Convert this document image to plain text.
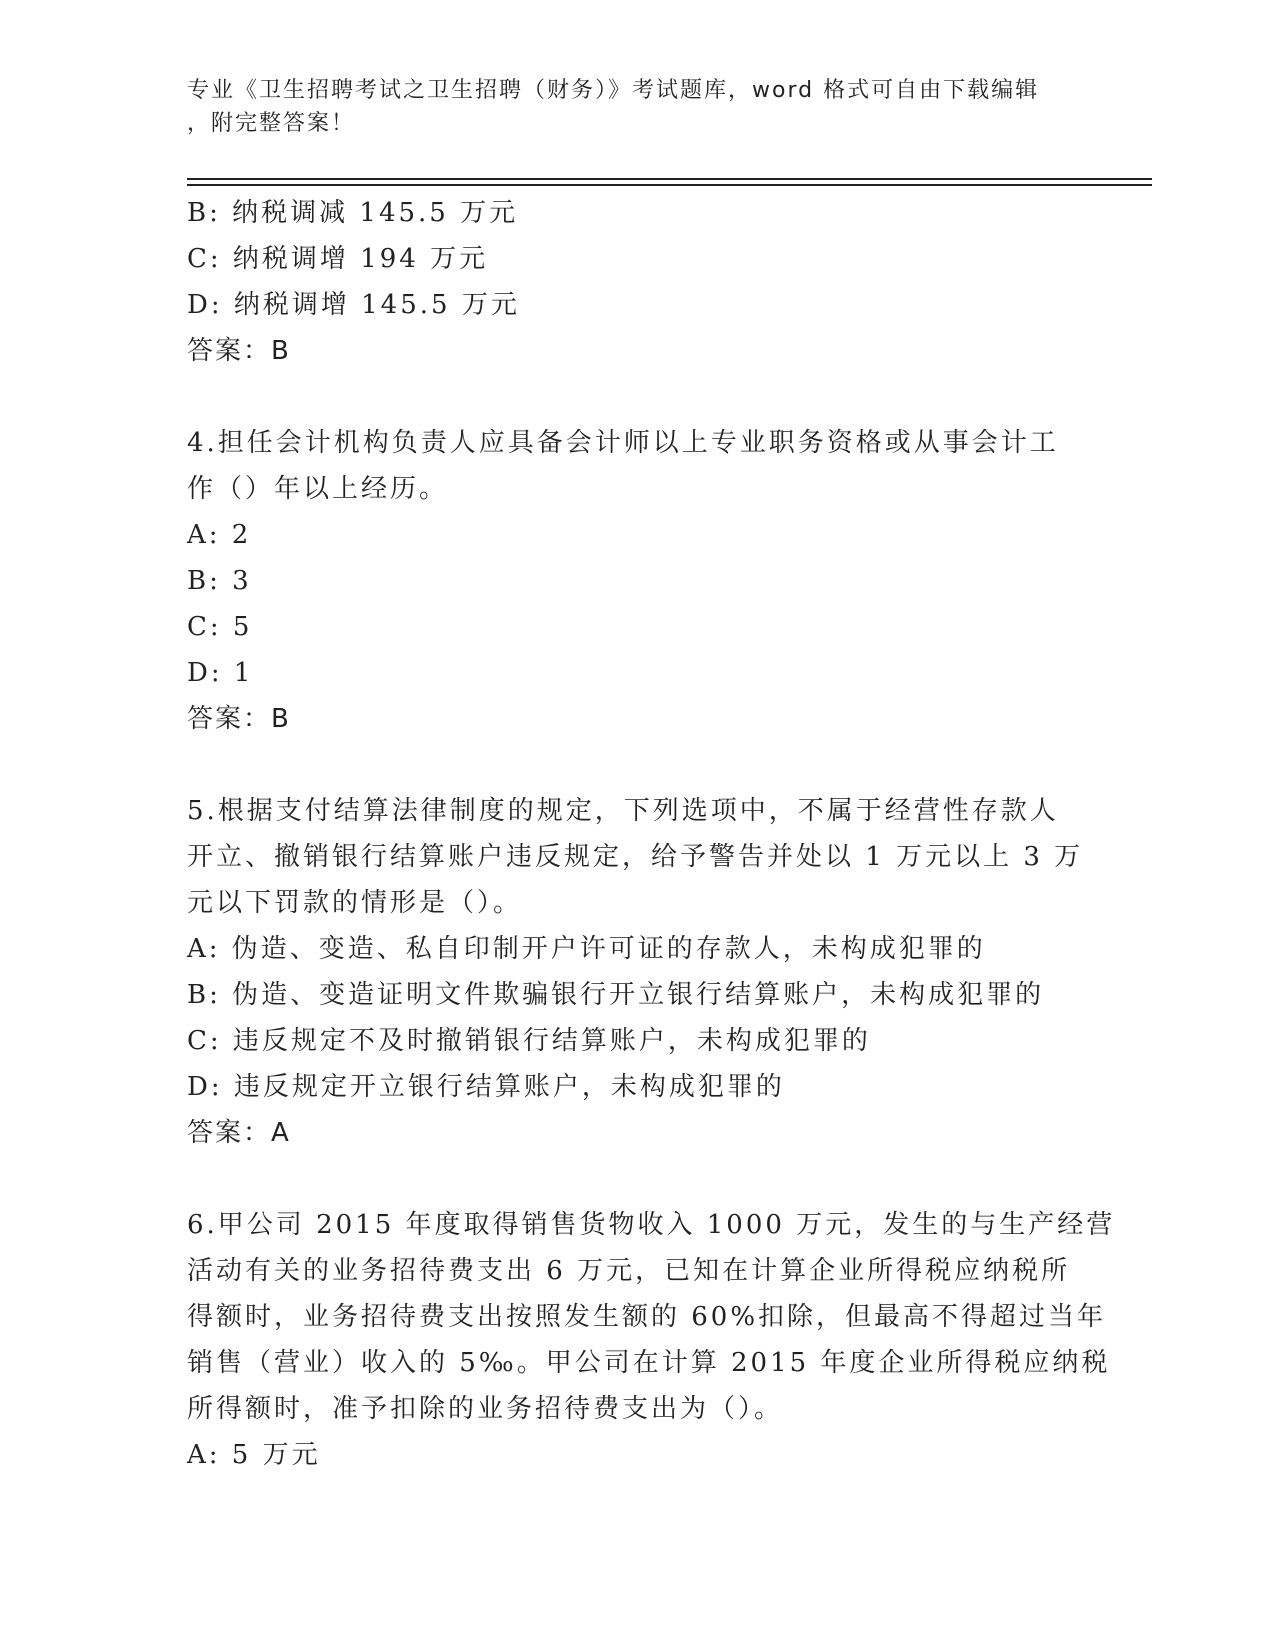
专业《卫生招聘考试之卫生招聘（财务）》考试题库，word 格式可自由下载编辑
，附完整答案！
B: 纳税调减 145.5 万元
C: 纳税调增 194 万元
D: 纳税调增 145.5 万元
答案：B
4.担任会计机构负责人应具备会计师以上专业职务资格或从事会计工
作（）年以上经历。
A: 2
B: 3
C: 5
D: 1
答案：B
5.根据支付结算法律制度的规定，下列选项中，不属于经营性存款人
开立、撤销银行结算账户违反规定，给予警告并处以 1 万元以上 3 万
元以下罚款的情形是（）。
A: 伪造、变造、私自印制开户许可证的存款人，未构成犯罪的
B: 伪造、变造证明文件欺骗银行开立银行结算账户，未构成犯罪的
C: 违反规定不及时撤销银行结算账户，未构成犯罪的
D: 违反规定开立银行结算账户，未构成犯罪的
答案：A
6.甲公司 2015 年度取得销售货物收入 1000 万元，发生的与生产经营
活动有关的业务招待费支出 6 万元，已知在计算企业所得税应纳税所
得额时，业务招待费支出按照发生额的 60%扣除，但最高不得超过当年
销售（营业）收入的 5‰。甲公司在计算 2015 年度企业所得税应纳税
所得额时，准予扣除的业务招待费支出为（）。
A: 5 万元
